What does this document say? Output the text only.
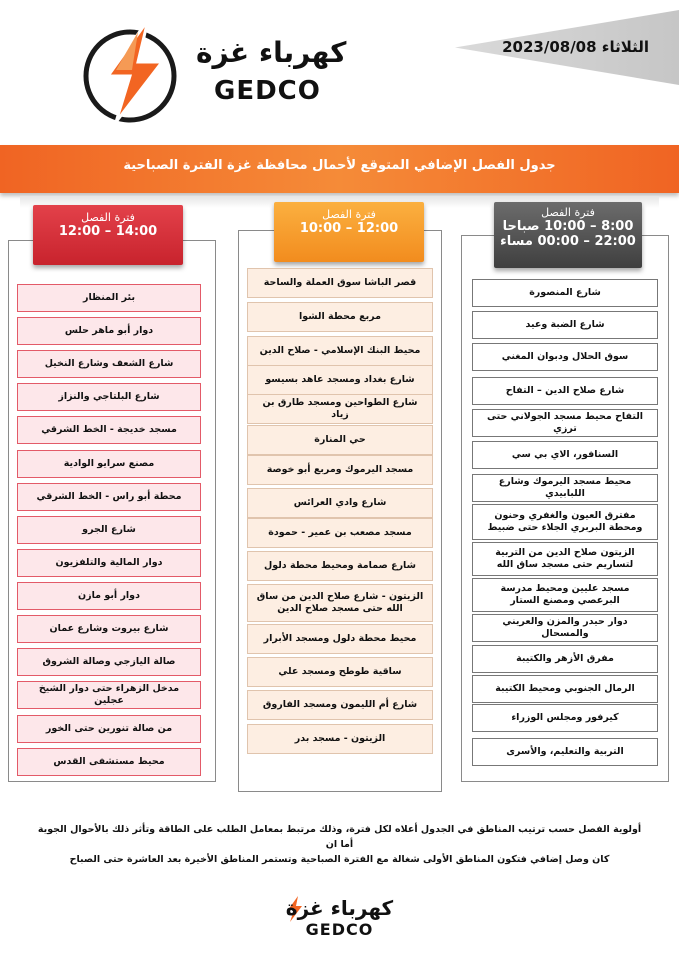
الثلاثاء 2023/08/08
كهرباء غزة
GEDCO
جدول الفصل الإضافي المتوقع لأحمال محافظة غزة الفترة الصباحية
فترة الفصل
14:00 – 12:00
فترة الفصل
12:00 – 10:00
فترة الفصل
8:00 – 10:00 صباحا
22:00 – 00:00 مساء
بئر المنظار
دوار أبو ماهر حلس
شارع الشعف وشارع النخيل
شارع البلتاجي والنزاز
مسجد خديجة - الخط الشرقي
مصنع سرايو الوادية
محطة أبو راس - الخط الشرقي
شارع الجرو
دوار المالية والتلفزيون
دوار أبو مازن
شارع بيروت وشارع عمان
صالة اليازجي وصالة الشروق
مدخل الزهراء حتى دوار الشيخ عجلين
من صالة تنورين حتى الخور
محيط مستشفى القدس
قصر الباشا سوق العملة والساحة
مربع محطة الشوا
محيط البنك الإسلامي - صلاح الدين
شارع بغداد ومسجد عاهد بسيسو
شارع الطواحين ومسجد طارق بن زياد
حي المنارة
مسجد اليرموك ومربع أبو خوصة
شارع وادي العرائس
مسجد مصعب بن عمير - حمودة
شارع صمامة ومحيط محطة دلول
الزيتون - شارع صلاح الدين من ساق الله حتى مسجد صلاح الدين
محيط محطة دلول ومسجد الأبرار
ساقية طوطح ومسجد علي
شارع أم الليمون ومسجد الفاروق
الزيتون - مسجد بدر
شارع المنصورة
شارع الضبة وعيد
سوق الحلال ودبوان المغني
شارع صلاح الدين – التفاح
التفاح محيط مسجد الجولاني حتى ترزي
السنافور، الاي بي سي
محيط مسجد اليرموك وشارع اللبابيدي
مفترق العيون والغفري وحنون ومحطة البربري الجلاء حتى ضبيط
الزيتون صلاح الدين من التربية لتساريم حتى مسجد ساق الله
مسجد عليين ومحيط مدرسة البرعصي ومصنع الستار
دوار حيدر والمزن والعريني والمسحال
مفرق الأزهر والكتيبة
الرمال الجنوبي ومحيط الكتيبة
كيرفور ومجلس الوزراء
التربية والتعليم، والأسرى
أولوية الفصل حسب ترتيب المناطق في الجدول أعلاه لكل فترة، وذلك مرتبط بمعامل الطلب على الطاقة وتأثر ذلك بالأحوال الجوية أما ان
كان وصل إضافي فتكون المناطق الأولى شغالة مع الفترة الصباحية وتستمر المناطق الأخيرة بعد العاشرة حتى الصباح
كهرباء غزة
GEDCO
